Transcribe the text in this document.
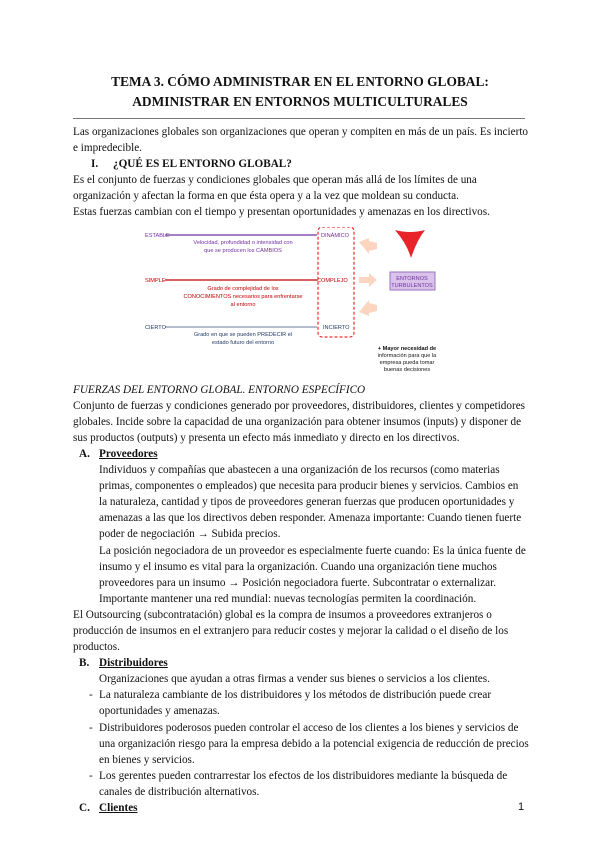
TEMA 3. CÓMO ADMINISTRAR EN EL ENTORNO GLOBAL:
ADMINISTRAR EN ENTORNOS MULTICULTURALES

Las organizaciones globales son organizaciones que operan y compiten en más de un país. Es incierto e impredecible.

I. ¿QUÉ ES EL ENTORNO GLOBAL?

Es el conjunto de fuerzas y condiciones globales que operan más allá de los límites de una organización y afectan la forma en que ésta opera y a la vez que moldean su conducta.

Estas fuerzas cambian con el tiempo y presentan oportunidades y amenazas en los directivos.

ESTABLE	DINÁMICO
Velocidad, profundidad o intensidad con
que se producen los CAMBIOS
SIMPLE	COMPLEJO
Grado de complejidad de los
CONOCIMIENTOS necesarios para enfrentarse
al entorno
CIERTO	INCIERTO
Grado en que se pueden PREDECIR el
estado futuro del entorno
ENTORNOS
TURBULENTOS
+ Mayor necesidad de
información para que la
empresa pueda tomar
buenas decisiones

FUERZAS DEL ENTORNO GLOBAL. ENTORNO ESPECÍFICO

Conjunto de fuerzas y condiciones generado por proveedores, distribuidores, clientes y competidores globales. Incide sobre la capacidad de una organización para obtener insumos (inputs) y disponer de sus productos (outputs) y presenta un efecto más inmediato y directo en los directivos.

A. Proveedores

Individuos y compañías que abastecen a una organización de los recursos (como materias primas, componentes o empleados) que necesita para producir bienes y servicios. Cambios en la naturaleza, cantidad y tipos de proveedores generan fuerzas que producen oportunidades y amenazas a las que los directivos deben responder. Amenaza importante: Cuando tienen fuerte poder de negociación → Subida precios.

La posición negociadora de un proveedor es especialmente fuerte cuando: Es la única fuente de insumo y el insumo es vital para la organización. Cuando una organización tiene muchos proveedores para un insumo → Posición negociadora fuerte. Subcontratar o externalizar.

Importante mantener una red mundial: nuevas tecnologías permiten la coordinación.

El Outsourcing (subcontratación) global es la compra de insumos a proveedores extranjeros o producción de insumos en el extranjero para reducir costes y mejorar la calidad o el diseño de los productos.

B. Distribuidores

Organizaciones que ayudan a otras firmas a vender sus bienes o servicios a los clientes.

- La naturaleza cambiante de los distribuidores y los métodos de distribución puede crear oportunidades y amenazas.
- Distribuidores poderosos pueden controlar el acceso de los clientes a los bienes y servicios de una organización riesgo para la empresa debido a la potencial exigencia de reducción de precios en bienes y servicios.
- Los gerentes pueden contrarrestar los efectos de los distribuidores mediante la búsqueda de canales de distribución alternativos.

C. Clientes	1
